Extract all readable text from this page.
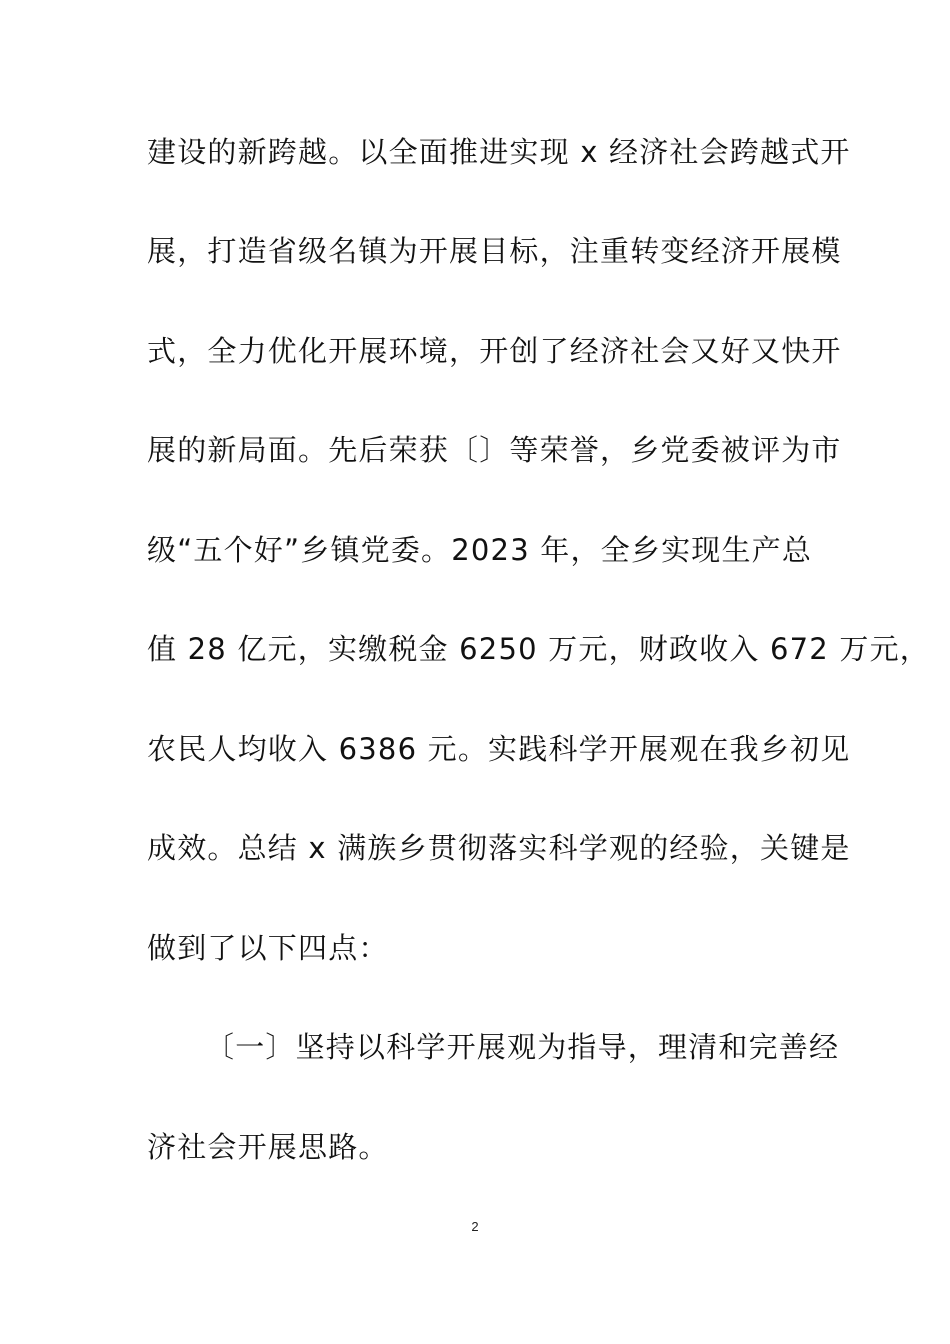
建设的新跨越。以全面推进实现 x 经济社会跨越式开
展，打造省级名镇为开展目标，注重转变经济开展模
式，全力优化开展环境，开创了经济社会又好又快开
展的新局面。先后荣获〔〕等荣誉，乡党委被评为市
级“五个好”乡镇党委。2023 年，全乡实现生产总
值 28 亿元，实缴税金 6250 万元，财政收入 672 万元，
农民人均收入 6386 元。实践科学开展观在我乡初见
成效。总结 x 满族乡贯彻落实科学观的经验，关键是
做到了以下四点：
〔一〕坚持以科学开展观为指导，理清和完善经
济社会开展思路。
2
